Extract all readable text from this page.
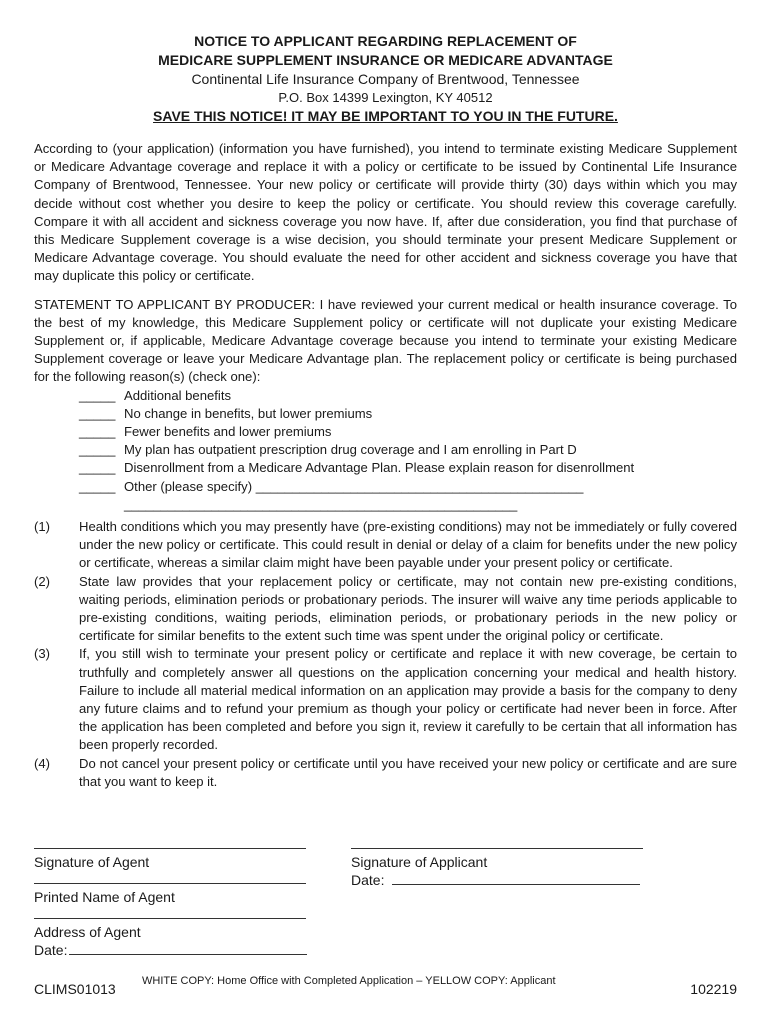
NOTICE TO APPLICANT REGARDING REPLACEMENT OF
MEDICARE SUPPLEMENT INSURANCE OR MEDICARE ADVANTAGE
Continental Life Insurance Company of Brentwood, Tennessee
P.O. Box 14399 Lexington, KY 40512
SAVE THIS NOTICE! IT MAY BE IMPORTANT TO YOU IN THE FUTURE.
According to (your application) (information you have furnished), you intend to terminate existing Medicare Supplement or Medicare Advantage coverage and replace it with a policy or certificate to be issued by Continental Life Insurance Company of Brentwood, Tennessee. Your new policy or certificate will provide thirty (30) days within which you may decide without cost whether you desire to keep the policy or certificate. You should review this coverage carefully. Compare it with all accident and sickness coverage you now have. If, after due consideration, you find that purchase of this Medicare Supplement coverage is a wise decision, you should terminate your present Medicare Supplement or Medicare Advantage coverage. You should evaluate the need for other accident and sickness coverage you have that may duplicate this policy or certificate.
STATEMENT TO APPLICANT BY PRODUCER: I have reviewed your current medical or health insurance coverage. To the best of my knowledge, this Medicare Supplement policy or certificate will not duplicate your existing Medicare Supplement or, if applicable, Medicare Advantage coverage because you intend to terminate your existing Medicare Supplement coverage or leave your Medicare Advantage plan. The replacement policy or certificate is being purchased for the following reason(s) (check one):
_____ Additional benefits
_____ No change in benefits, but lower premiums
_____ Fewer benefits and lower premiums
_____ My plan has outpatient prescription drug coverage and I am enrolling in Part D
_____ Disenrollment from a Medicare Advantage Plan. Please explain reason for disenrollment
_____ Other (please specify) _____________________________________________
______________________________________________________
(1) Health conditions which you may presently have (pre-existing conditions) may not be immediately or fully covered under the new policy or certificate. This could result in denial or delay of a claim for benefits under the new policy or certificate, whereas a similar claim might have been payable under your present policy or certificate.
(2) State law provides that your replacement policy or certificate, may not contain new pre-existing conditions, waiting periods, elimination periods or probationary periods. The insurer will waive any time periods applicable to pre-existing conditions, waiting periods, elimination periods, or probationary periods in the new policy or certificate for similar benefits to the extent such time was spent under the original policy or certificate.
(3) If, you still wish to terminate your present policy or certificate and replace it with new coverage, be certain to truthfully and completely answer all questions on the application concerning your medical and health history. Failure to include all material medical information on an application may provide a basis for the company to deny any future claims and to refund your premium as though your policy or certificate had never been in force. After the application has been completed and before you sign it, review it carefully to be certain that all information has been properly recorded.
(4) Do not cancel your present policy or certificate until you have received your new policy or certificate and are sure that you want to keep it.
Signature of Agent
Printed Name of Agent
Address of Agent
Date:
Signature of Applicant
Date:
CLIMS01013 WHITE COPY: Home Office with Completed Application – YELLOW COPY: Applicant	102219
